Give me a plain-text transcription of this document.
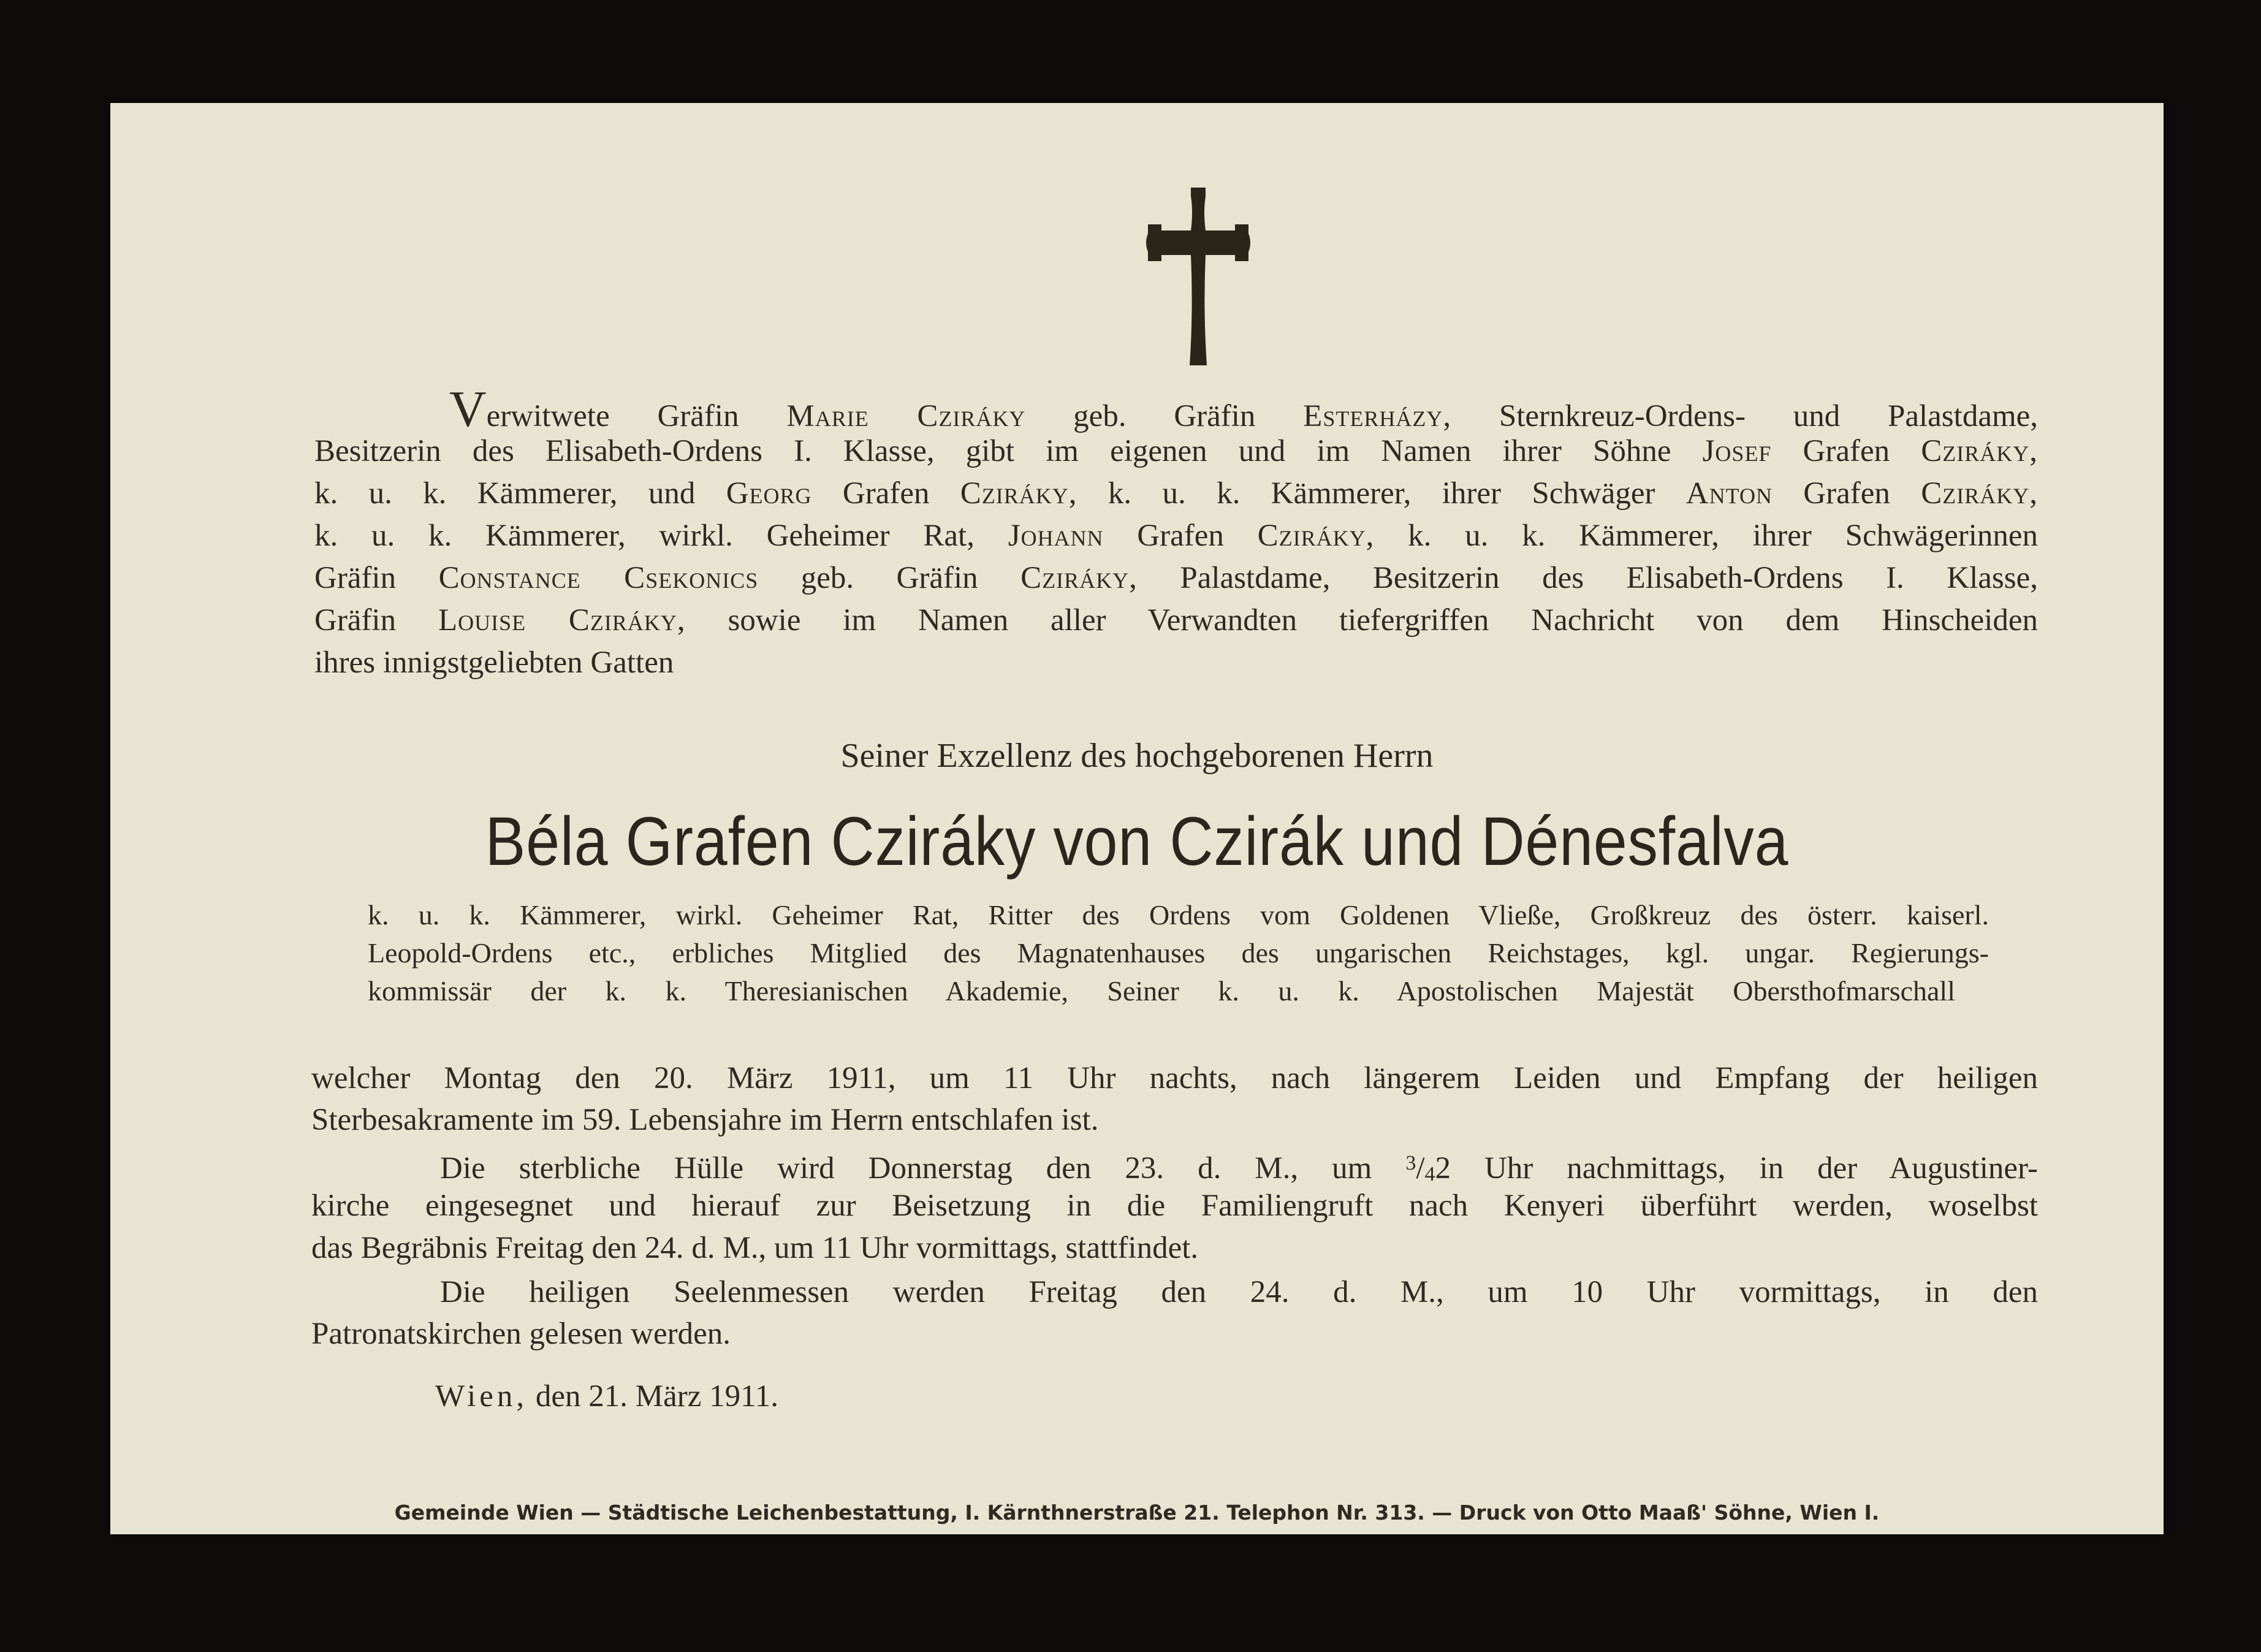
Verwitwete Gräfin Marie Cziráky geb. Gräfin Esterházy, Sternkreuz-Ordens- und Palastdame,
Besitzerin des Elisabeth-Ordens I. Klasse, gibt im eigenen und im Namen ihrer Söhne Josef Grafen Cziráky,
k. u. k. Kämmerer, und Georg Grafen Cziráky, k. u. k. Kämmerer, ihrer Schwäger Anton Grafen Cziráky,
k. u. k. Kämmerer, wirkl. Geheimer Rat, Johann Grafen Cziráky, k. u. k. Kämmerer, ihrer Schwägerinnen
Gräfin Constance Csekonics geb. Gräfin Cziráky, Palastdame, Besitzerin des Elisabeth-Ordens I. Klasse,
Gräfin Louise Cziráky, sowie im Namen aller Verwandten tiefergriffen Nachricht von dem Hinscheiden
ihres innigstgeliebten Gatten
Seiner Exzellenz des hochgeborenen Herrn
Béla Grafen Cziráky von Czirák und Dénesfalva
k. u. k. Kämmerer, wirkl. Geheimer Rat, Ritter des Ordens vom Goldenen Vließe, Großkreuz des österr. kaiserl.
Leopold-Ordens etc., erbliches Mitglied des Magnatenhauses des ungarischen Reichstages, kgl. ungar. Regierungs-
kommissär der k. k. Theresianischen Akademie, Seiner k. u. k. Apostolischen Majestät Obersthofmarschall
welcher Montag den 20. März 1911, um 11 Uhr nachts, nach längerem Leiden und Empfang der heiligen
Sterbesakramente im 59. Lebensjahre im Herrn entschlafen ist.
Die sterbliche Hülle wird Donnerstag den 23. d. M., um $^3$/42 Uhr nachmittags, in der Augustiner-
kirche eingesegnet und hierauf zur Beisetzung in die Familiengruft nach Kenyeri überführt werden, woselbst
das Begräbnis Freitag den 24. d. M., um 11 Uhr vormittags, stattfindet.
Die heiligen Seelenmessen werden Freitag den 24. d. M., um 10 Uhr vormittags, in den
Patronatskirchen gelesen werden.
Wien, den 21. März 1911.
Gemeinde Wien — Städtische Leichenbestattung, I. Kärnthnerstraße 21. Telephon Nr. 313. — Druck von Otto Maaß' Söhne, Wien I.
